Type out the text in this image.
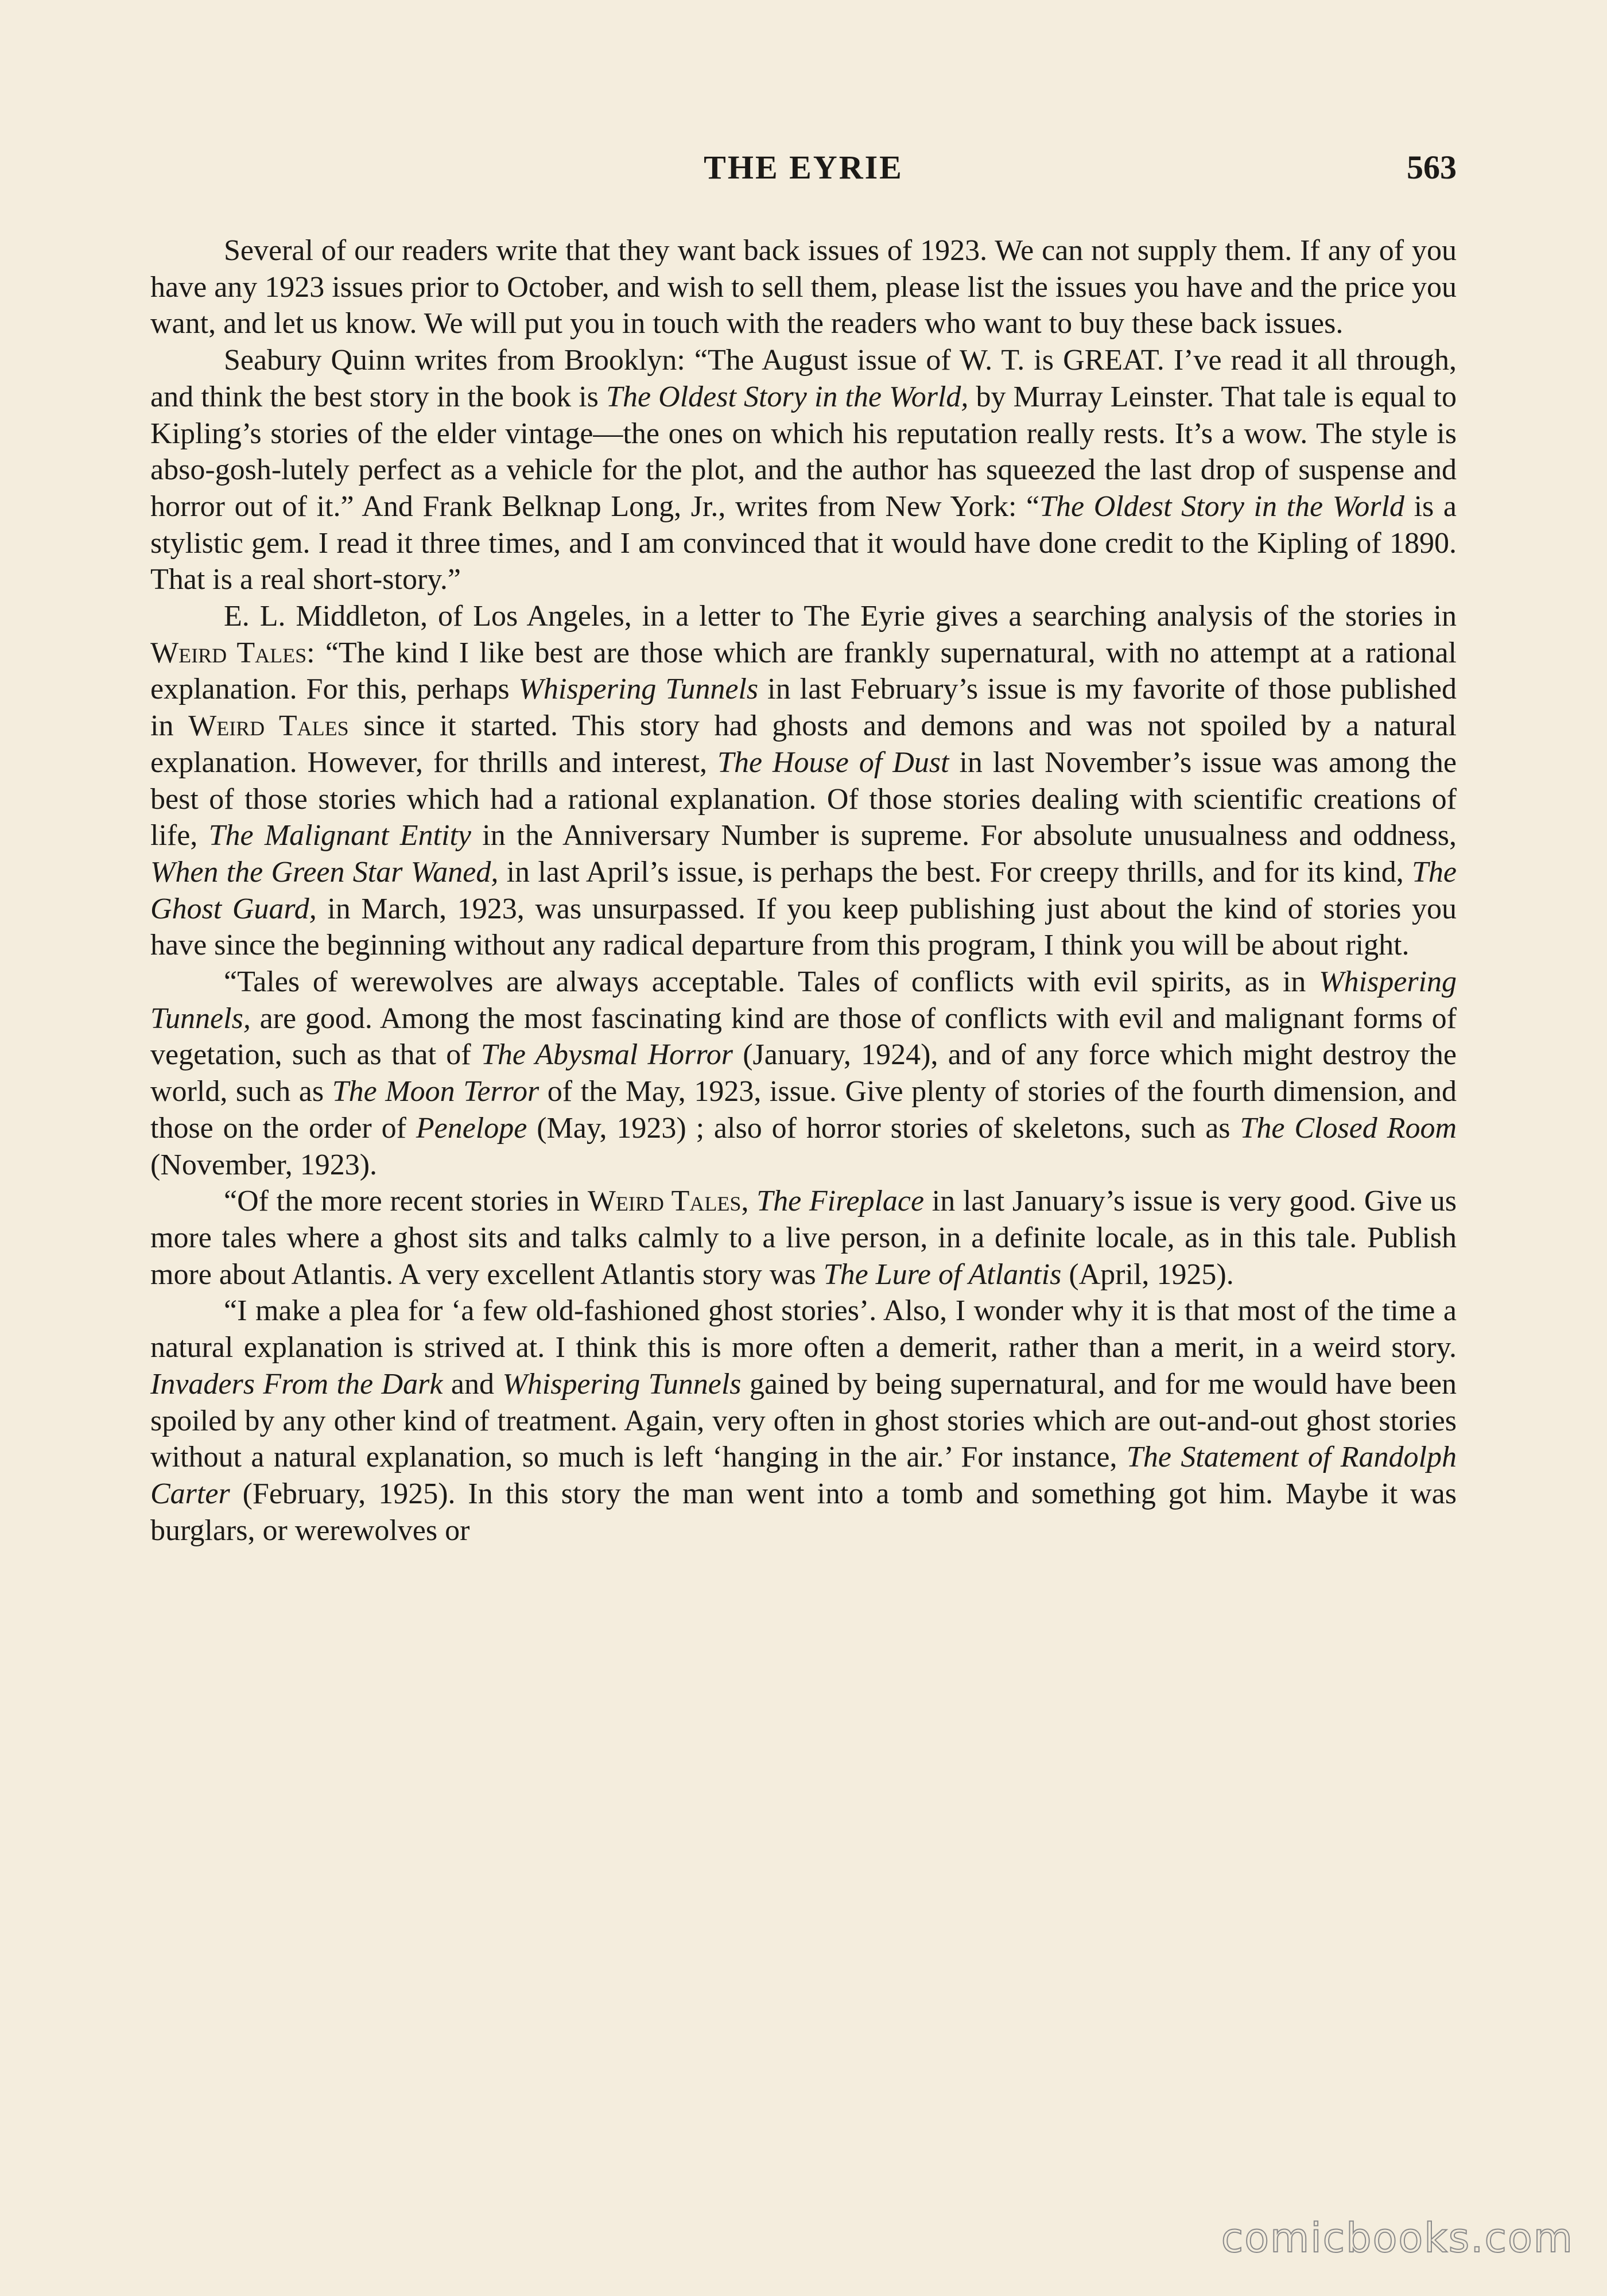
THE EYRIE	563

Several of our readers write that they want back issues of 1923. We can not supply them. If any of you have any 1923 issues prior to October, and wish to sell them, please list the issues you have and the price you want, and let us know. We will put you in touch with the readers who want to buy these back issues.

Seabury Quinn writes from Brooklyn: “The August issue of W. T. is GREAT. I’ve read it all through, and think the best story in the book is The Oldest Story in the World, by Murray Leinster. That tale is equal to Kipling’s stories of the elder vintage—the ones on which his reputation really rests. It’s a wow. The style is abso-gosh-lutely perfect as a vehicle for the plot, and the author has squeezed the last drop of suspense and horror out of it.” And Frank Belknap Long, Jr., writes from New York: “The Oldest Story in the World is a stylistic gem. I read it three times, and I am convinced that it would have done credit to the Kipling of 1890. That is a real short-story.”

E. L. Middleton, of Los Angeles, in a letter to The Eyrie gives a searching analysis of the stories in Weird Tales: “The kind I like best are those which are frankly supernatural, with no attempt at a rational explanation. For this, perhaps Whispering Tunnels in last February’s issue is my favorite of those published in Weird Tales since it started. This story had ghosts and demons and was not spoiled by a natural explanation. However, for thrills and interest, The House of Dust in last November’s issue was among the best of those stories which had a rational explanation. Of those stories dealing with scientific creations of life, The Malignant Entity in the Anniversary Number is supreme. For absolute unusualness and oddness, When the Green Star Waned, in last April’s issue, is perhaps the best. For creepy thrills, and for its kind, The Ghost Guard, in March, 1923, was unsurpassed. If you keep publishing just about the kind of stories you have since the beginning without any radical departure from this program, I think you will be about right.

“Tales of werewolves are always acceptable. Tales of conflicts with evil spirits, as in Whispering Tunnels, are good. Among the most fascinating kind are those of conflicts with evil and malignant forms of vegetation, such as that of The Abysmal Horror (January, 1924), and of any force which might destroy the world, such as The Moon Terror of the May, 1923, issue. Give plenty of stories of the fourth dimension, and those on the order of Penelope (May, 1923) ; also of horror stories of skeletons, such as The Closed Room (November, 1923).

“Of the more recent stories in Weird Tales, The Fireplace in last January’s issue is very good. Give us more tales where a ghost sits and talks calmly to a live person, in a definite locale, as in this tale. Publish more about Atlantis. A very excellent Atlantis story was The Lure of Atlantis (April, 1925).

“I make a plea for ‘a few old-fashioned ghost stories’. Also, I wonder why it is that most of the time a natural explanation is strived at. I think this is more often a demerit, rather than a merit, in a weird story. Invaders From the Dark and Whispering Tunnels gained by being supernatural, and for me would have been spoiled by any other kind of treatment. Again, very often in ghost stories which are out-and-out ghost stories without a natural explanation, so much is left ‘hanging in the air.’ For instance, The Statement of Randolph Carter (February, 1925). In this story the man went into a tomb and something got him. Maybe it was burglars, or werewolves or

comicbooks.com
